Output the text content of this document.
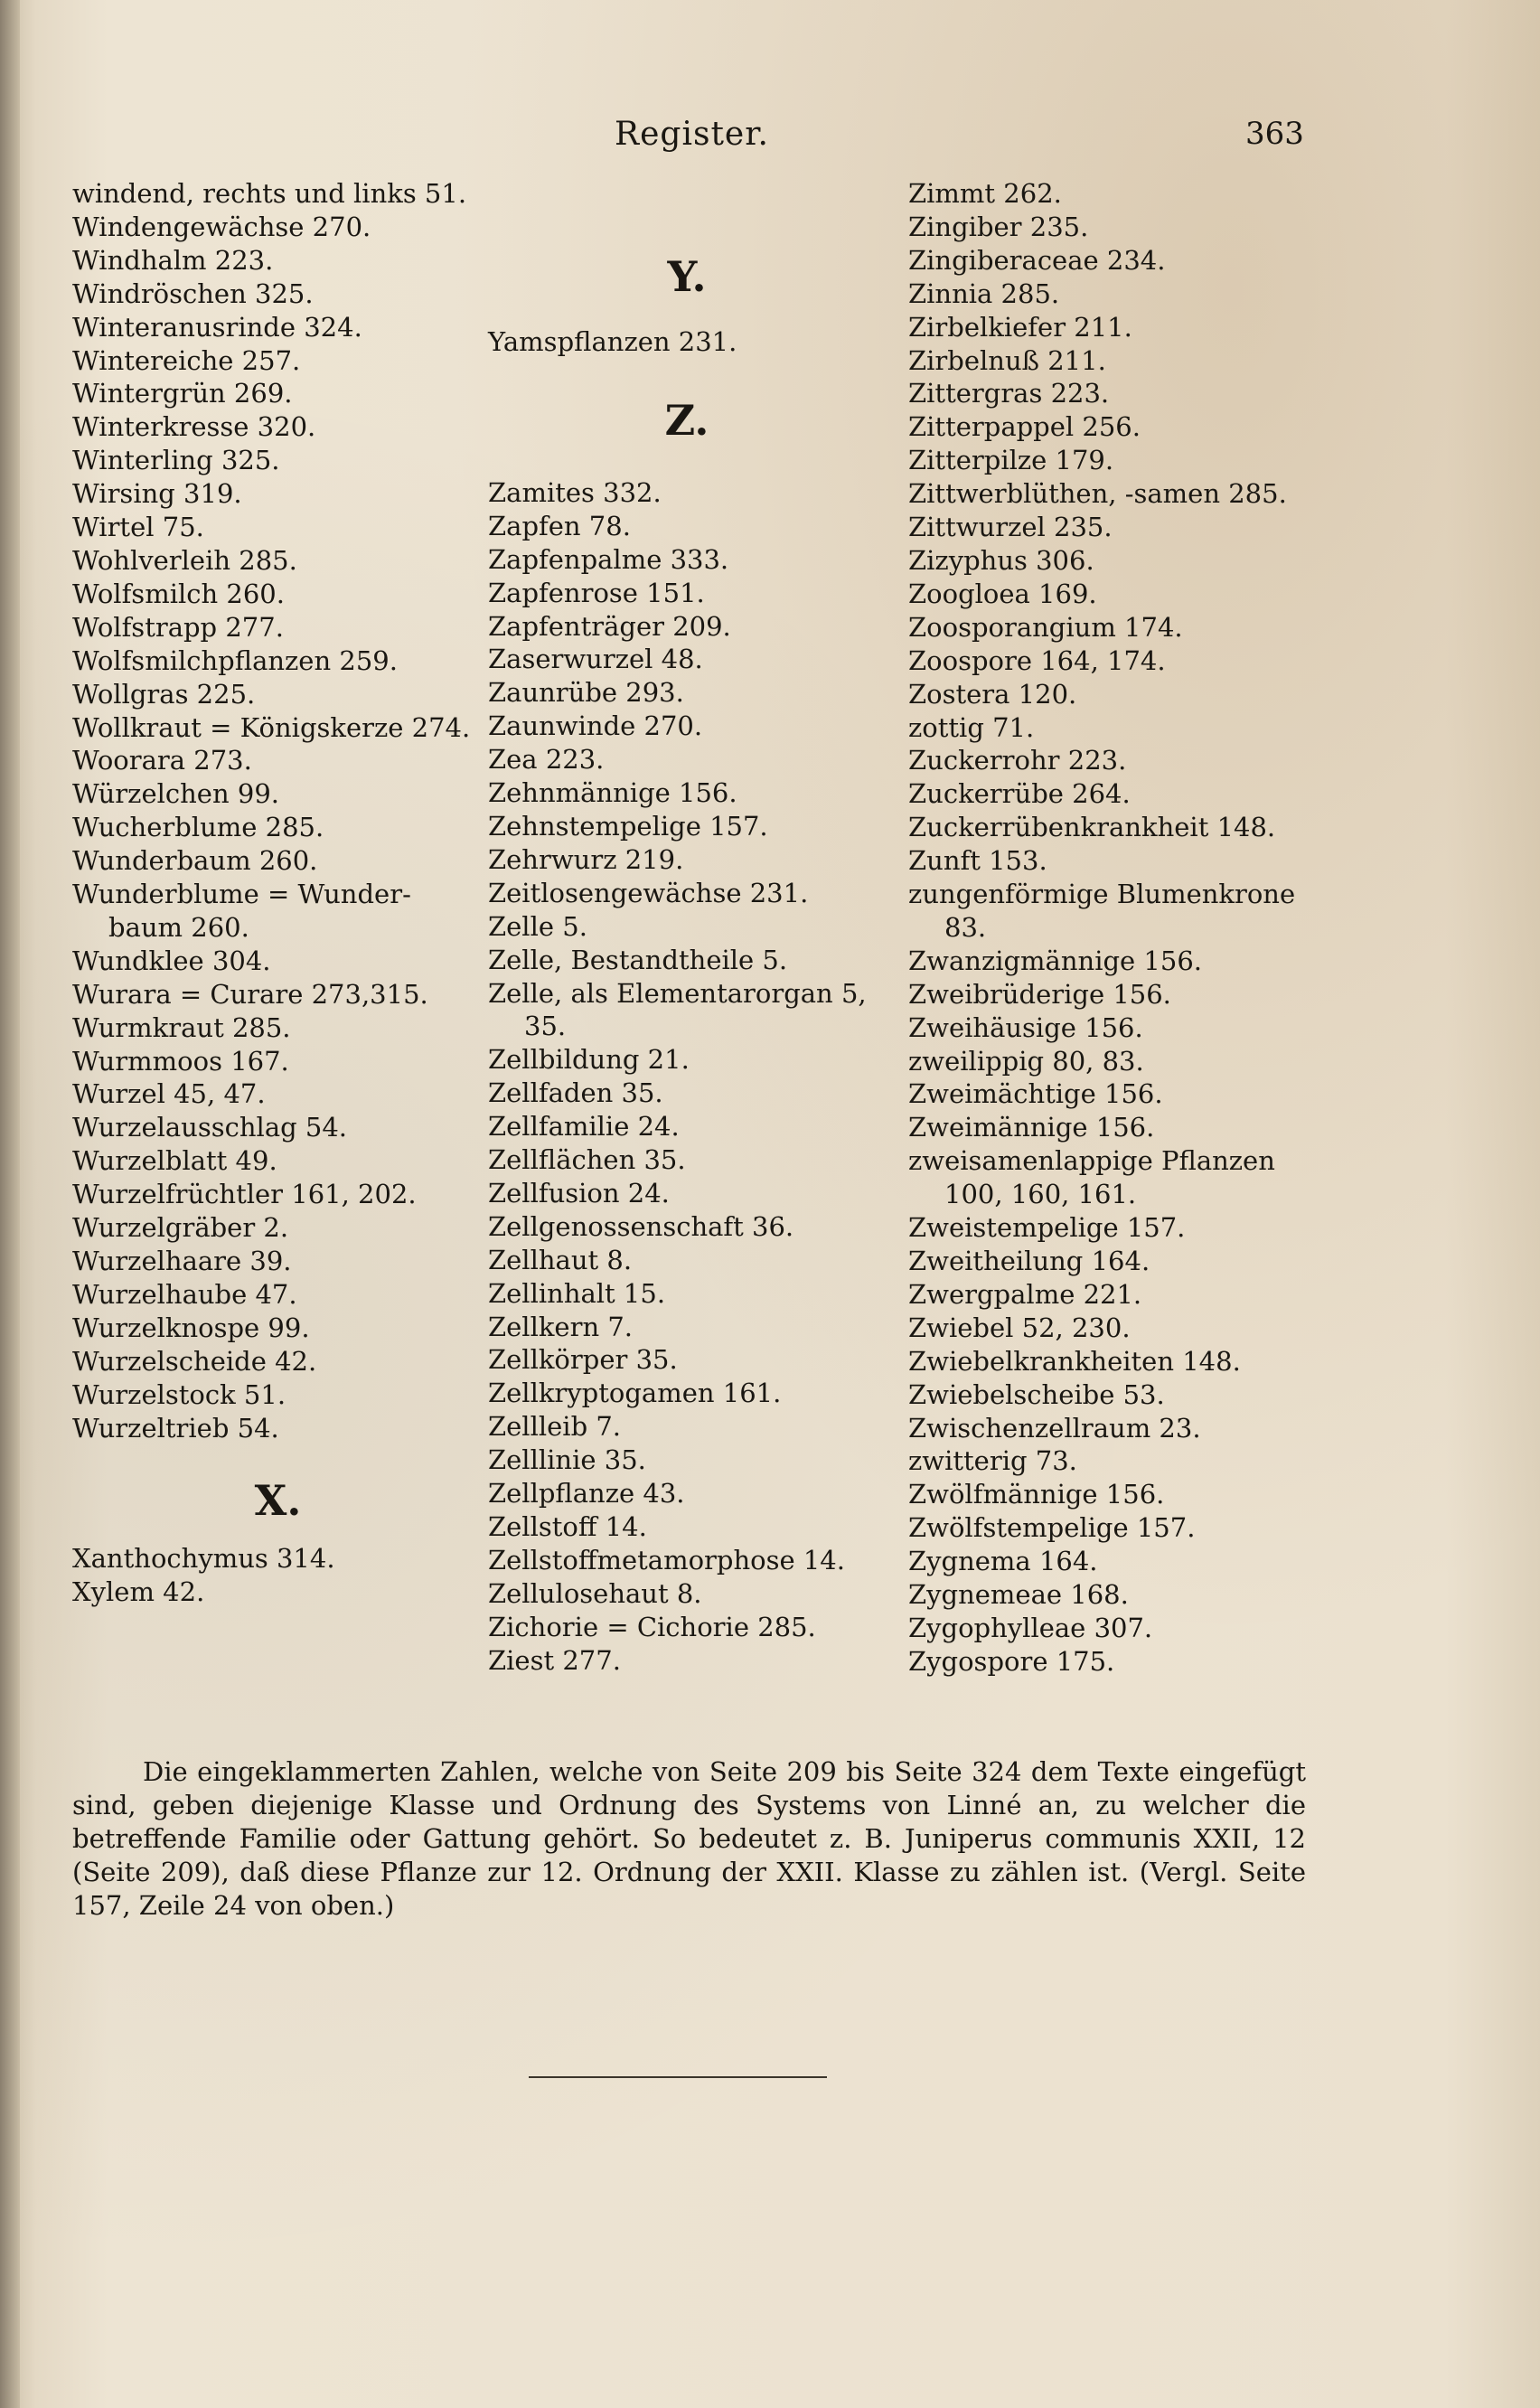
Register.	363
windend, rechts und links 51.
Windengewächse 270.
Windhalm 223.
Windröschen 325.
Winteranusrinde 324.
Wintereiche 257.
Wintergrün 269.
Winterkresse 320.
Winterling 325.
Wirsing 319.
Wirtel 75.
Wohlverleih 285.
Wolfsmilch 260.
Wolfstrapp 277.
Wolfsmilchpflanzen 259.
Wollgras 225.
Wollkraut = Königskerze 274.
Woorara 273.
Würzelchen 99.
Wucherblume 285.
Wunderbaum 260.
Wunderblume = Wunder-
baum 260.
Wundklee 304.
Wurara = Curare 273,315.
Wurmkraut 285.
Wurmmoos 167.
Wurzel 45, 47.
Wurzelausschlag 54.
Wurzelblatt 49.
Wurzelfrüchtler 161, 202.
Wurzelgräber 2.
Wurzelhaare 39.
Wurzelhaube 47.
Wurzelknospe 99.
Wurzelscheide 42.
Wurzelstock 51.
Wurzeltrieb 54.
X.
Xanthochymus 314.
Xylem 42.
Y.
Yamspflanzen 231.
Z.
Zamites 332.
Zapfen 78.
Zapfenpalme 333.
Zapfenrose 151.
Zapfenträger 209.
Zaserwurzel 48.
Zaunrübe 293.
Zaunwinde 270.
Zea 223.
Zehnmännige 156.
Zehnstempelige 157.
Zehrwurz 219.
Zeitlosengewächse 231.
Zelle 5.
Zelle, Bestandtheile 5.
Zelle, als Elementarorgan 5,
35.
Zellbildung 21.
Zellfaden 35.
Zellfamilie 24.
Zellflächen 35.
Zellfusion 24.
Zellgenossenschaft 36.
Zellhaut 8.
Zellinhalt 15.
Zellkern 7.
Zellkörper 35.
Zellkryptogamen 161.
Zellleib 7.
Zelllinie 35.
Zellpflanze 43.
Zellstoff 14.
Zellstoffmetamorphose 14.
Zellulosehaut 8.
Zichorie = Cichorie 285.
Ziest 277.
Zimmt 262.
Zingiber 235.
Zingiberaceae 234.
Zinnia 285.
Zirbelkiefer 211.
Zirbelnuß 211.
Zittergras 223.
Zitterpappel 256.
Zitterpilze 179.
Zittwerblüthen, -samen 285.
Zittwurzel 235.
Zizyphus 306.
Zoogloea 169.
Zoosporangium 174.
Zoospore 164, 174.
Zostera 120.
zottig 71.
Zuckerrohr 223.
Zuckerrübe 264.
Zuckerrübenkrankheit 148.
Zunft 153.
zungenförmige Blumenkrone
83.
Zwanzigmännige 156.
Zweibrüderige 156.
Zweihäusige 156.
zweilippig 80, 83.
Zweimächtige 156.
Zweimännige 156.
zweisamenlappige Pflanzen
100, 160, 161.
Zweistempelige 157.
Zweitheilung 164.
Zwergpalme 221.
Zwiebel 52, 230.
Zwiebelkrankheiten 148.
Zwiebelscheibe 53.
Zwischenzellraum 23.
zwitterig 73.
Zwölfmännige 156.
Zwölfstempelige 157.
Zygnema 164.
Zygnemeae 168.
Zygophylleae 307.
Zygospore 175.
Die eingeklammerten Zahlen, welche von Seite 209 bis Seite 324 dem Texte eingefügt sind, geben diejenige Klasse und Ordnung des Systems von Linné an, zu welcher die betreffende Familie oder Gattung gehört. So bedeutet z. B. Juniperus communis XXII, 12 (Seite 209), daß diese Pflanze zur 12. Ordnung der XXII. Klasse zu zählen ist. (Vergl. Seite 157, Zeile 24 von oben.)
